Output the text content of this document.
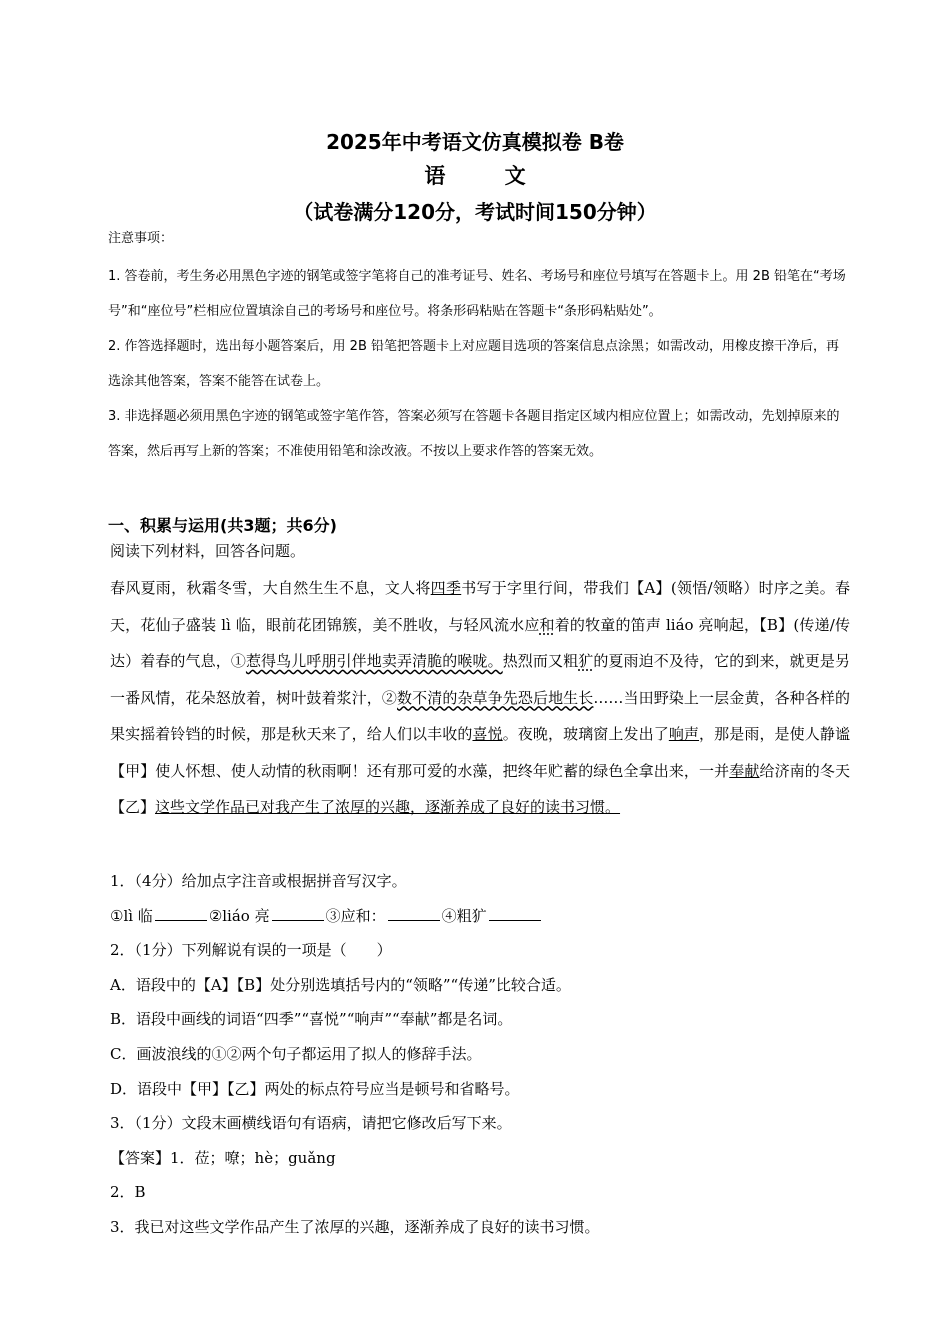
2025年中考语文仿真模拟卷 B卷
语 文
（试卷满分120分，考试时间150分钟）
注意事项：

1. 答卷前，考生务必用黑色字迹的钢笔或签字笔将自己的准考证号、姓名、考场号和座位号填写在答题卡上。用 2B 铅笔在“考场号”和“座位号”栏相应位置填涂自己的考场号和座位号。将条形码粘贴在答题卡“条形码粘贴处”。

2. 作答选择题时，选出每小题答案后，用 2B 铅笔把答题卡上对应题目选项的答案信息点涂黑；如需改动，用橡皮擦干净后，再选涂其他答案，答案不能答在试卷上。

3. 非选择题必须用黑色字迹的钢笔或签字笔作答，答案必须写在答题卡各题目指定区域内相应位置上；如需改动，先划掉原来的答案，然后再写上新的答案；不准使用铅笔和涂改液。不按以上要求作答的答案无效。

一、积累与运用(共3题；共6分)
阅读下列材料，回答各问题。

春风夏雨，秋霜冬雪，大自然生生不息，文人将四季书写于字里行间，带我们【A】(领悟/领略）时序之美。春天，花仙子盛装 lì 临，眼前花团锦簇，美不胜收，与轻风流水应和着的牧童的笛声 liáo 亮响起，【B】(传递/传达）着春的气息，①惹得鸟儿呼朋引伴地卖弄清脆的喉咙。热烈而又粗犷的夏雨迫不及待，它的到来，就更是另一番风情，花朵怒放着，树叶鼓着浆汁，②数不清的杂草争先恐后地生长……当田野染上一层金黄，各种各样的果实摇着铃铛的时候，那是秋天来了，给人们以丰收的喜悦。夜晚，玻璃窗上发出了响声，那是雨，是使人静谧【甲】使人怀想、使人动情的秋雨啊！还有那可爱的水藻，把终年贮蓄的绿色全拿出来，一并奉献给济南的冬天【乙】这些文学作品已对我产生了浓厚的兴趣，逐渐养成了良好的读书习惯。

1．（4分）给加点字注音或根据拼音写汉字。

①lì 临	②liáo 亮	③应和：	④粗犷

2．（1分）下列解说有误的一项是（　　）

A．语段中的【A】【B】处分别选填括号内的“领略”“传递”比较合适。

B．语段中画线的词语“四季”“喜悦”“响声”“奉献”都是名词。

C．画波浪线的①②两个句子都运用了拟人的修辞手法。

D．语段中【甲】【乙】两处的标点符号应当是顿号和省略号。

3．（1分）文段末画横线语句有语病，请把它修改后写下来。

【答案】1．莅；嘹；hè；guǎng

2．B

3．我已对这些文学作品产生了浓厚的兴趣，逐渐养成了良好的读书习惯。
